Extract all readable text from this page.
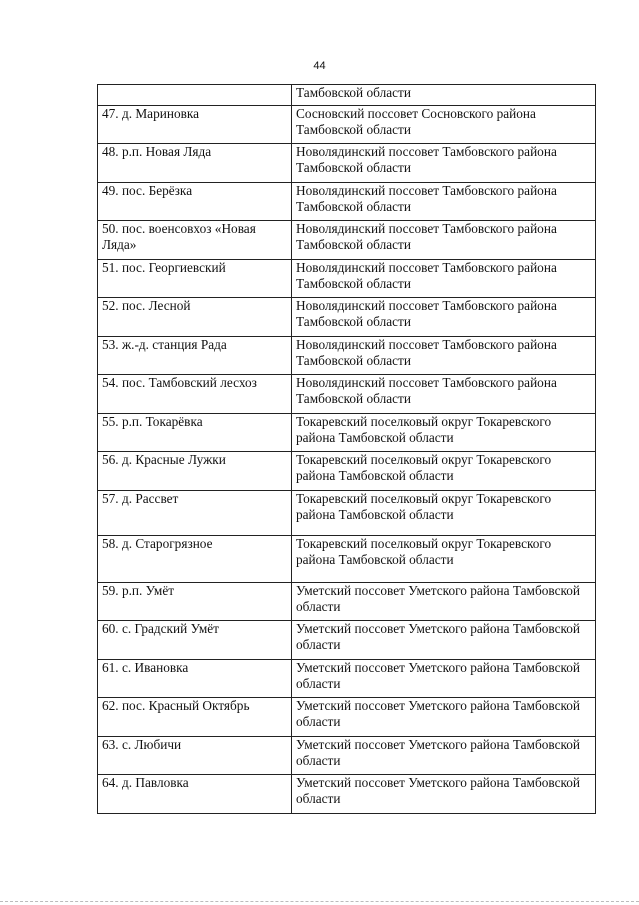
44
	Тамбовской области
47. д. Мариновка	Сосновский поссовет Сосновского района Тамбовской области
48. р.п. Новая Ляда	Новолядинский поссовет Тамбовского района Тамбовской области
49. пос. Берёзка	Новолядинский поссовет Тамбовского района Тамбовской области
50. пос. военсовхоз «Новая Ляда»	Новолядинский поссовет Тамбовского района Тамбовской области
51. пос. Георгиевский	Новолядинский поссовет Тамбовского района Тамбовской области
52. пос. Лесной	Новолядинский поссовет Тамбовского района Тамбовской области
53. ж.-д. станция Рада	Новолядинский поссовет Тамбовского района Тамбовской области
54. пос. Тамбовский лесхоз	Новолядинский поссовет Тамбовского района Тамбовской области
55. р.п. Токарёвка	Токаревский поселковый округ Токаревского района Тамбовской области
56. д. Красные Лужки	Токаревский поселковый округ Токаревского района Тамбовской области
57. д. Рассвет	Токаревский поселковый округ Токаревского района Тамбовской области
58. д. Старогрязное	Токаревский поселковый округ Токаревского района Тамбовской области
59. р.п. Умёт	Уметский поссовет Уметского района Тамбовской области
60. с. Градский Умёт	Уметский поссовет Уметского района Тамбовской области
61. с. Ивановка	Уметский поссовет Уметского района Тамбовской области
62. пос. Красный Октябрь	Уметский поссовет Уметского района Тамбовской области
63. с. Любичи	Уметский поссовет Уметского района Тамбовской области
64. д. Павловка	Уметский поссовет Уметского района Тамбовской области
